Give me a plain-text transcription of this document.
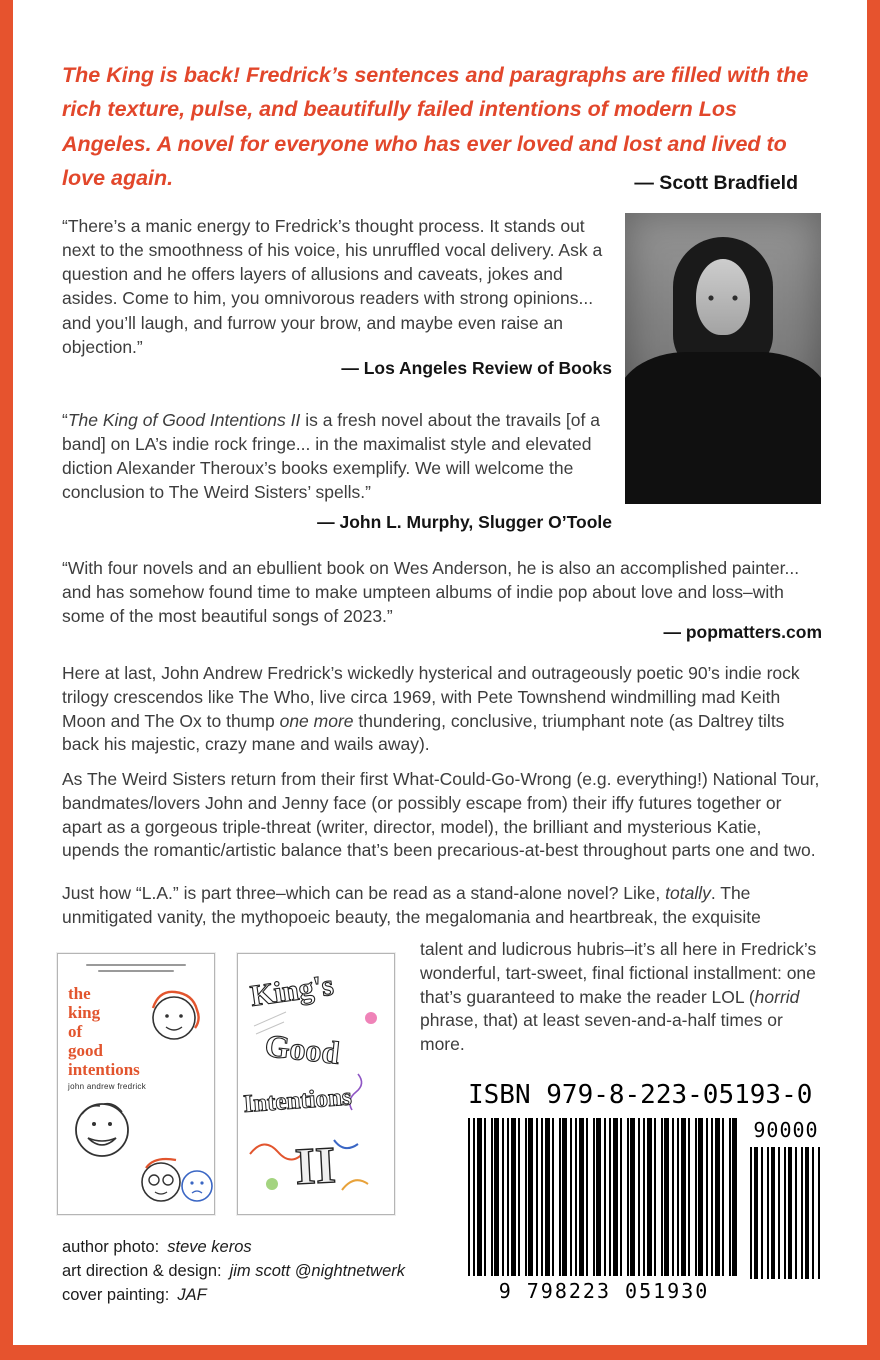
The King is back! Fredrick’s sentences and paragraphs are filled with the rich texture, pulse, and beautifully failed intentions of modern Los Angeles. A novel for everyone who has ever loved and lost and lived to love again.	— Scott Bradfield
“There’s a manic energy to Fredrick’s thought process. It stands out next to the smoothness of his voice, his unruffled vocal delivery. Ask a question and he offers layers of allusions and caveats, jokes and asides. Come to him, you omnivorous readers with strong opinions... and you’ll laugh, and furrow your brow, and maybe even raise an objection.”
— Los Angeles Review of Books
“The King of Good Intentions II is a fresh novel about the travails [of a band] on LA’s indie rock fringe... in the maximalist style and elevated diction Alexander Theroux’s books exemplify. We will welcome the conclusion to The Weird Sisters’ spells.”
— John L. Murphy, Slugger O’Toole
“With four novels and an ebullient book on Wes Anderson, he is also an accomplished painter... and has somehow found time to make umpteen albums of indie pop about love and loss–with some of the most beautiful songs of 2023.”
— popmatters.com
Here at last, John Andrew Fredrick’s wickedly hysterical and outrageously poetic 90’s indie rock trilogy crescendos like The Who, live circa 1969, with Pete Townshend windmilling mad Keith Moon and The Ox to thump one more thundering, conclusive, triumphant note (as Daltrey tilts back his majestic, crazy mane and wails away).
As The Weird Sisters return from their first What-Could-Go-Wrong (e.g. everything!) National Tour, bandmates/lovers John and Jenny face (or possibly escape from) their iffy futures together or apart as a gorgeous triple-threat (writer, director, model), the brilliant and mysterious Katie, upends the romantic/artistic balance that’s been precarious-at-best throughout parts one and two.
Just how “L.A.” is part three–which can be read as a stand-alone novel? Like, totally. The unmitigated vanity, the mythopoeic beauty, the megalomania and heartbreak, the exquisite
talent and ludicrous hubris–it’s all here in Fredrick’s wonderful, tart-sweet, final fictional installment: one that’s guaranteed to make the reader LOL (horrid phrase, that) at least seven-and-a-half times or more.
the
king
of
good
intentions
john andrew fredrick
King's
Good
Intentions
II
ISBN 979-8-223-05193-0
9 798223 051930
90000
author photo: steve keros
art direction & design: jim scott @nightnetwerk
cover painting: JAF
